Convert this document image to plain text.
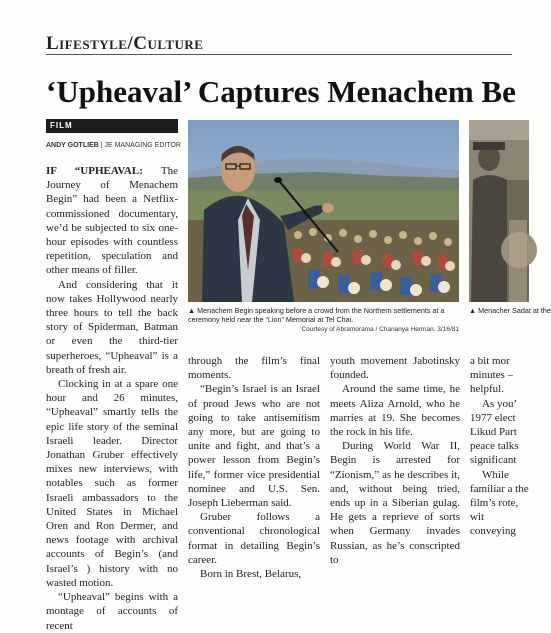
Lifestyle/Culture
‘Upheaval’ Captures Menachem Be
FILM
ANDY GOTLIEB | JE MANAGING EDITOR

IF “UPHEAVAL: The Journey of Menachem Begin” had been a Netflix-commissioned documentary, we’d be subjected to six one-hour episodes with countless repetition, speculation and other means of filler.

And considering that it now takes Hollywood nearly three hours to tell the back story of Spiderman, Batman or even the third-tier superheroes, “Upheaval” is a breath of fresh air.

Clocking in at a spare one hour and 26 minutes, “Upheaval” smartly tells the epic life story of the seminal Israeli leader. Director Jonathan Gruber effectively mixes new interviews, with notables such as former Israeli ambassadors to the United States in Michael Oren and Ron Dermer, and news footage with archival accounts of Begin’s (and Israel’s ) history with no wasted motion.

“Upheaval” begins with a montage of accounts of recent

▲ Menachem Begin speaking before a crowd from the Northern settlements at a ceremony held near the “Lion” Memorial at Tel Chai.
Courtesy of Abramorama / Chananya Herman. 3/16/81
▲ Menacher Sadat at the

through the film’s final moments.

“Begin’s Israel is an Israel of proud Jews who are not going to take antisemitism any more, but are going to unite and fight, and that’s a power lesson from Begin’s life,” former vice presidential nominee and U.S. Sen. Joseph Lieberman said.

Gruber follows a conventional chronological format in detailing Begin’s career.

Born in Brest, Belarus,

youth movement Jabotinsky founded.

Around the same time, he meets Aliza Arnold, who he marries at 19. She becomes the rock in his life.

During World War II, Begin is arrested for “Zionism,” as he describes it, and, without being tried, ends up in a Siberian gulag. He gets a reprieve of sorts when Germany invades Russian, as he’s conscripted to

a bit mor minutes – helpful.

As you’ 1977 elect Likud Part peace talks significant

While familiar a the film’s rote, wit conveying
